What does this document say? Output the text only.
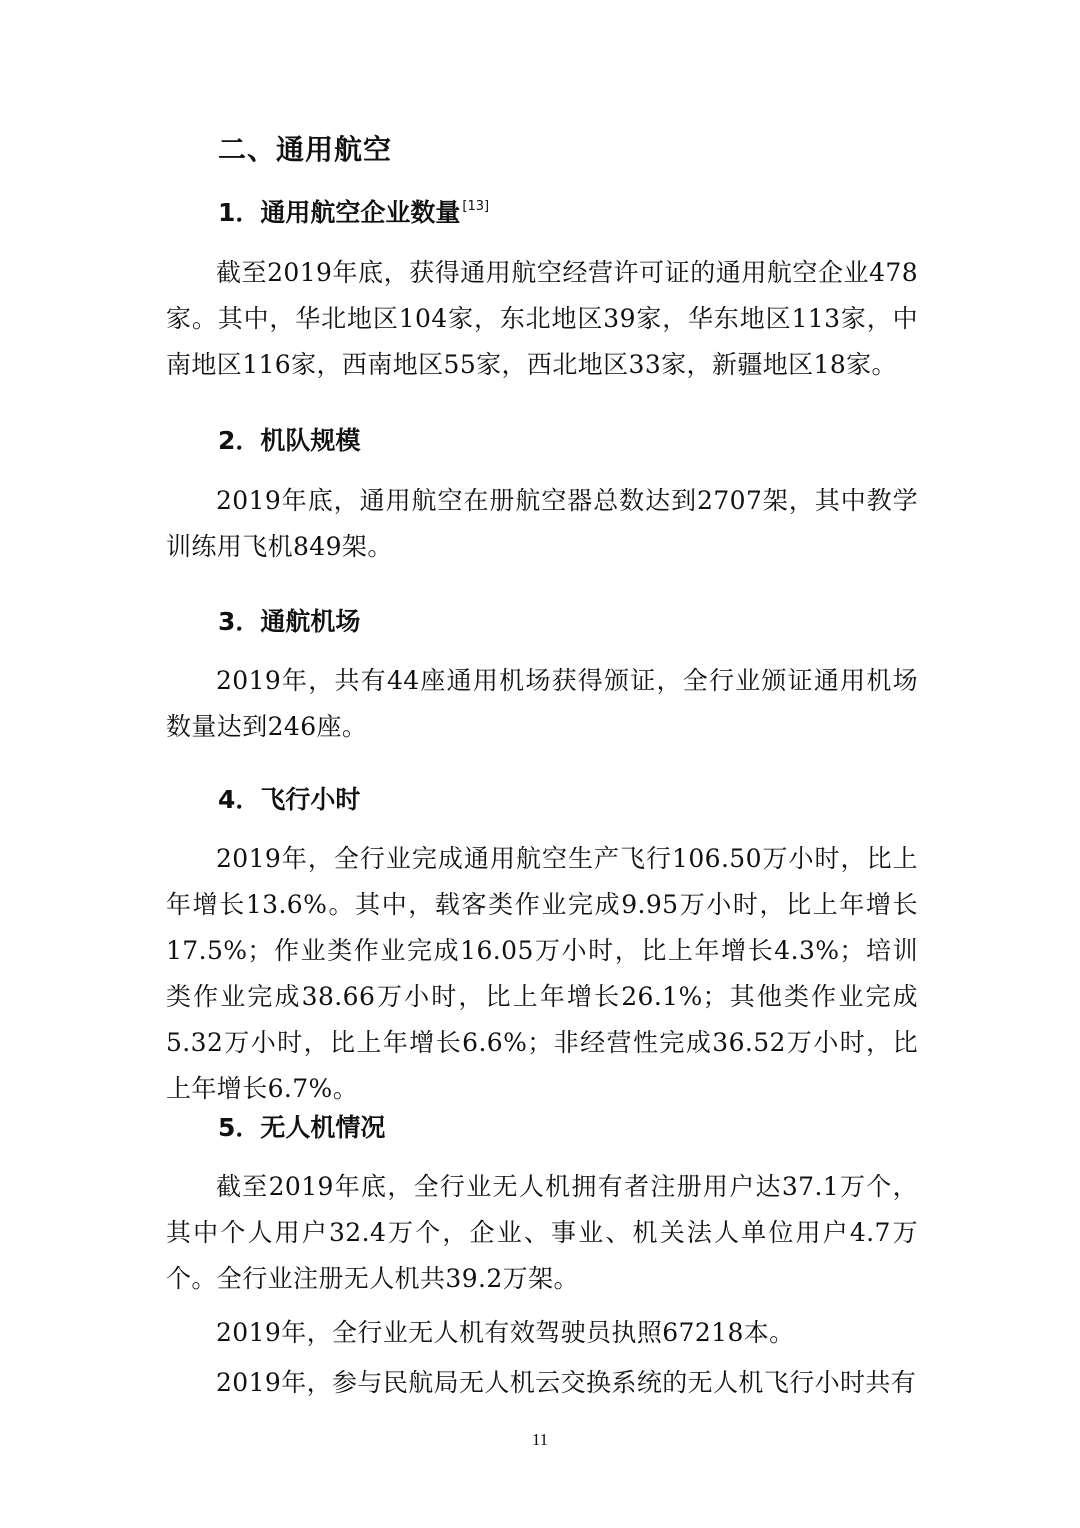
二、通用航空
1．通用航空企业数量 [13]

截至2019年底，获得通用航空经营许可证的通用航空企业478家。其中，华北地区104家，东北地区39家，华东地区113家，中南地区116家，西南地区55家，西北地区33家，新疆地区18家。

2．机队规模

2019年底，通用航空在册航空器总数达到2707架，其中教学训练用飞机849架。

3．通航机场

2019年，共有44座通用机场获得颁证，全行业颁证通用机场数量达到246座。

4．飞行小时

2019年，全行业完成通用航空生产飞行106.50万小时，比上年增长13.6%。其中，载客类作业完成9.95万小时，比上年增长17.5%；作业类作业完成16.05万小时，比上年增长4.3%；培训类作业完成38.66万小时，比上年增长26.1%；其他类作业完成5.32万小时，比上年增长6.6%；非经营性完成36.52万小时，比上年增长6.7%。

5．无人机情况

截至2019年底，全行业无人机拥有者注册用户达37.1万个，其中个人用户32.4万个，企业、事业、机关法人单位用户4.7万个。全行业注册无人机共39.2万架。

2019年，全行业无人机有效驾驶员执照67218本。

2019年，参与民航局无人机云交换系统的无人机飞行小时共有

11
